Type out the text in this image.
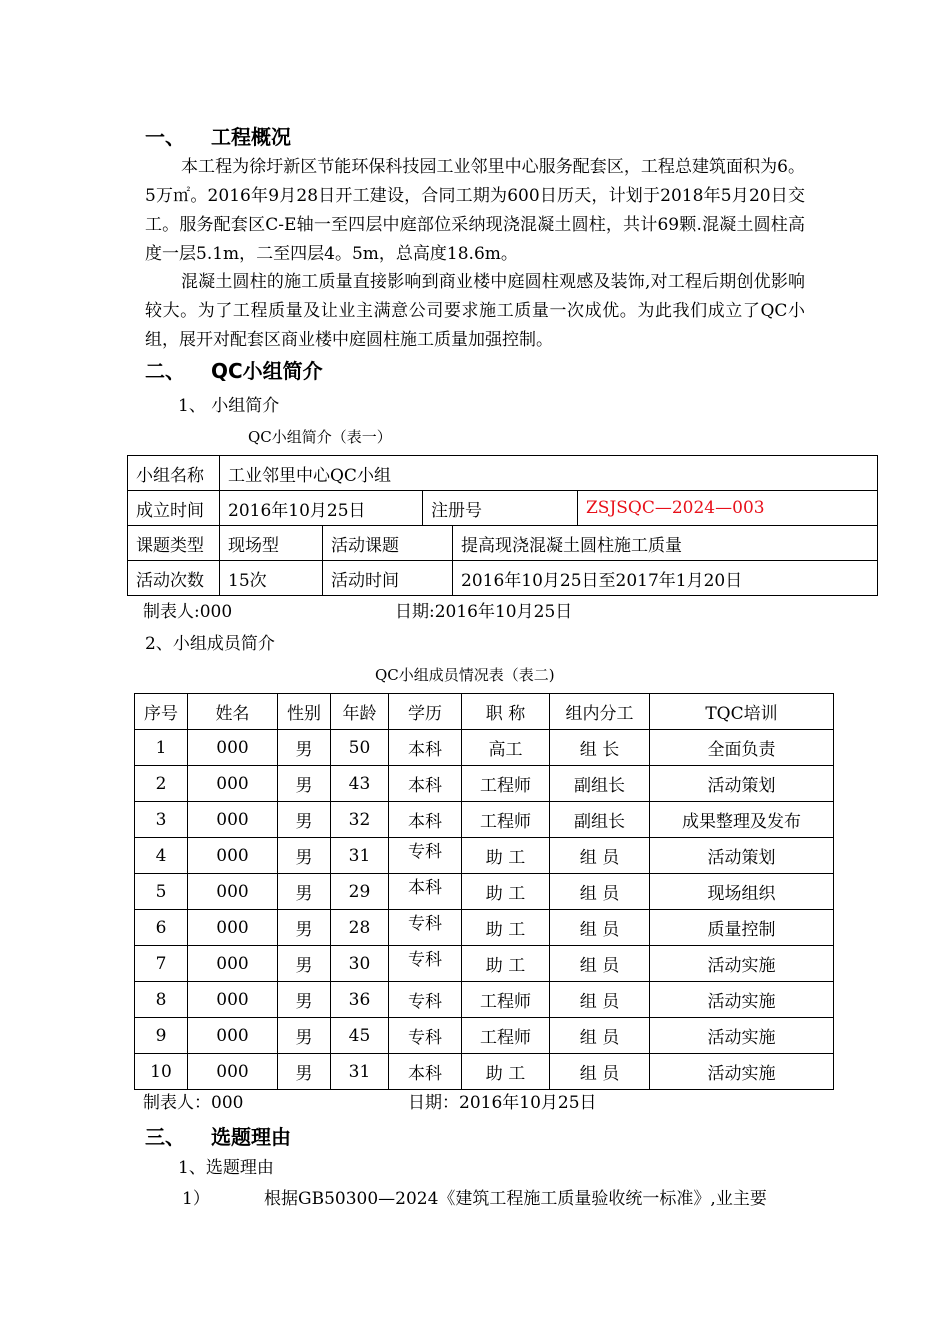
一、 工程概况

本工程为徐圩新区节能环保科技园工业邻里中心服务配套区，工程总建筑面积为6。5万㎡。2016年9月28日开工建设，合同工期为600日历天，计划于2018年5月20日交工。服务配套区C-E轴一至四层中庭部位采纳现浇混凝土圆柱，共计69颗.混凝土圆柱高度一层5.1m，二至四层4。5m，总高度18.6m。

混凝土圆柱的施工质量直接影响到商业楼中庭圆柱观感及装饰,对工程后期创优影响较大。为了工程质量及让业主满意公司要求施工质量一次成优。为此我们成立了QC小组，展开对配套区商业楼中庭圆柱施工质量加强控制。

二、 QC小组简介
1、 小组简介
QC小组简介（表一）
小组名称	工业邻里中心QC小组				
成立时间	2016年10月25日		注册号		ZSJSQC—2024—003
课题类型	现场型	活动课题		提高现浇混凝土圆柱施工质量	
活动次数	15次	活动时间		2016年10月25日至2017年1月20日	
制表人:000	日期:2016年10月25日
2、小组成员简介
QC小组成员情况表（表二)
序号	姓名	性别	年龄	学历	职 称	组内分工	TQC培训
1	000	男	50	本科	高工	组 长	全面负责
2	000	男	43	本科	工程师	副组长	活动策划
3	000	男	32	本科	工程师	副组长	成果整理及发布
4	000	男	31	专科	助 工	组 员	活动策划
5	000	男	29	本科	助 工	组 员	现场组织
6	000	男	28	专科	助 工	组 员	质量控制
7	000	男	30	专科	助 工	组 员	活动实施
8	000	男	36	专科	工程师	组 员	活动实施
9	000	男	45	专科	工程师	组 员	活动实施
10	000	男	31	本科	助 工	组 员	活动实施
制表人：000	日期：2016年10月25日
三、 选题理由
1、选题理由
1）	根据GB50300—2024《建筑工程施工质量验收统一标准》,业主要
